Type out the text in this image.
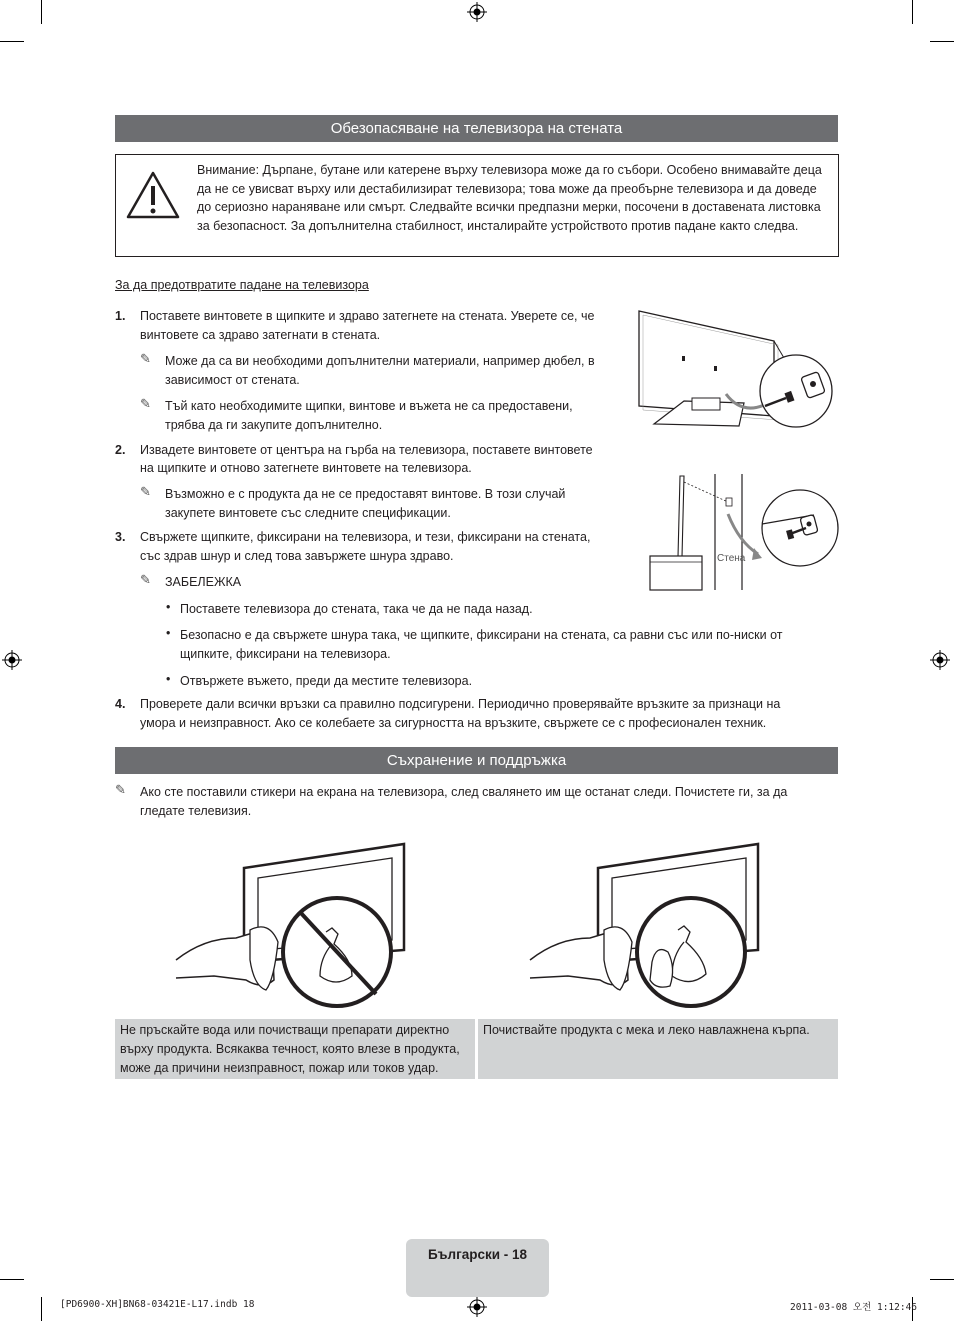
Обезопасяване на телевизора на стената
Внимание: Дърпане, бутане или катерене върху телевизора може да го събори. Особено внимавайте деца да не се увисват върху или дестабилизират телевизора; това може да преобърне телевизора и да доведе до сериозно нараняване или смърт. Следвайте всички предпазни мерки, посочени в доставената листовка за безопасност. За допълнителна стабилност, инсталирайте устройството против падане както следва.
За да предотвратите падане на телевизора
1. Поставете винтовете в щипките и здраво затегнете на стената. Уверете се, че
винтовете са здраво затегнати в стената.
✎ Може да са ви необходими допълнителни материали, например дюбел, в
зависимост от стената.
✎ Тъй като необходимите щипки, винтове и въжета не са предоставени,
трябва да ги закупите допълнително.
2. Извадете винтовете от центъра на гърба на телевизора, поставете винтовете
на щипките и отново затегнете винтовете на телевизора.
✎ Възможно е с продукта да не се предоставят винтове. В този случай
закупете винтовете със следните спецификации.
3. Свържете щипките, фиксирани на телевизора, и тези, фиксирани на стената,
със здрав шнур и след това завържете шнура здраво.
✎ ЗАБЕЛЕЖКА
• Поставете телевизора до стената, така че да не пада назад.
• Безопасно е да свържете шнура така, че щипките, фиксирани на стената, са равни със или по-ниски от
щипките, фиксирани на телевизора.
• Отвържете въжето, преди да местите телевизора.
4. Проверете дали всички връзки са правилно подсигурени. Периодично проверявайте връзките за признаци на
умора и неизправност. Ако се колебаете за сигурността на връзките, свържете се с професионален техник.
Стена
Съхранение и поддръжка
✎ Ако сте поставили стикери на екрана на телевизора, след свалянето им ще останат следи. Почистете ги, за да
гледате телевизия.
Не пръскайте вода или почистващи препарати директно
върху продукта. Всякаква течност, която влезе в продукта,
може да причини неизправност, пожар или токов удар.
Почиствайте продукта с мека и леко навлажнена кърпа.
Български - 18
[PD6900-XH]BN68-03421E-L17.indb 18	2011-03-08 오전 1:12:46
